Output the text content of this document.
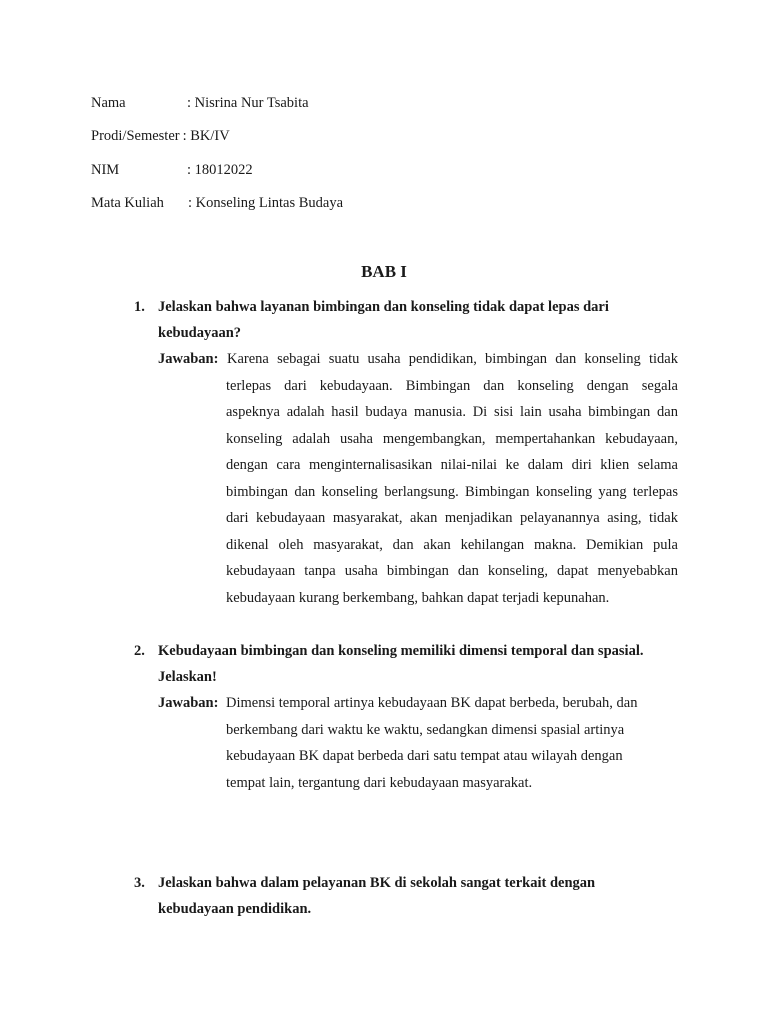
Nama	: Nisrina Nur Tsabita
Prodi/Semester : BK/IV
NIM	: 18012022
Mata Kuliah : Konseling Lintas Budaya
BAB I
1. Jelaskan bahwa layanan bimbingan dan konseling tidak dapat lepas dari
kebudayaan?
Jawaban: Karena sebagai suatu usaha pendidikan, bimbingan dan konseling tidak
terlepas dari kebudayaan. Bimbingan dan konseling dengan segala
aspeknya adalah hasil budaya manusia. Di sisi lain usaha bimbingan dan
konseling adalah usaha mengembangkan, mempertahankan kebudayaan,
dengan cara menginternalisasikan nilai-nilai ke dalam diri klien selama
bimbingan dan konseling berlangsung. Bimbingan konseling yang terlepas
dari kebudayaan masyarakat, akan menjadikan pelayanannya asing, tidak
dikenal oleh masyarakat, dan akan kehilangan makna. Demikian pula
kebudayaan tanpa usaha bimbingan dan konseling, dapat menyebabkan
kebudayaan kurang berkembang, bahkan dapat terjadi kepunahan.
2. Kebudayaan bimbingan dan konseling memiliki dimensi temporal dan spasial.
Jelaskan!
Jawaban: Dimensi temporal artinya kebudayaan BK dapat berbeda, berubah, dan
berkembang dari waktu ke waktu, sedangkan dimensi spasial artinya
kebudayaan BK dapat berbeda dari satu tempat atau wilayah dengan
tempat lain, tergantung dari kebudayaan masyarakat.
3. Jelaskan bahwa dalam pelayanan BK di sekolah sangat terkait dengan
kebudayaan pendidikan.
